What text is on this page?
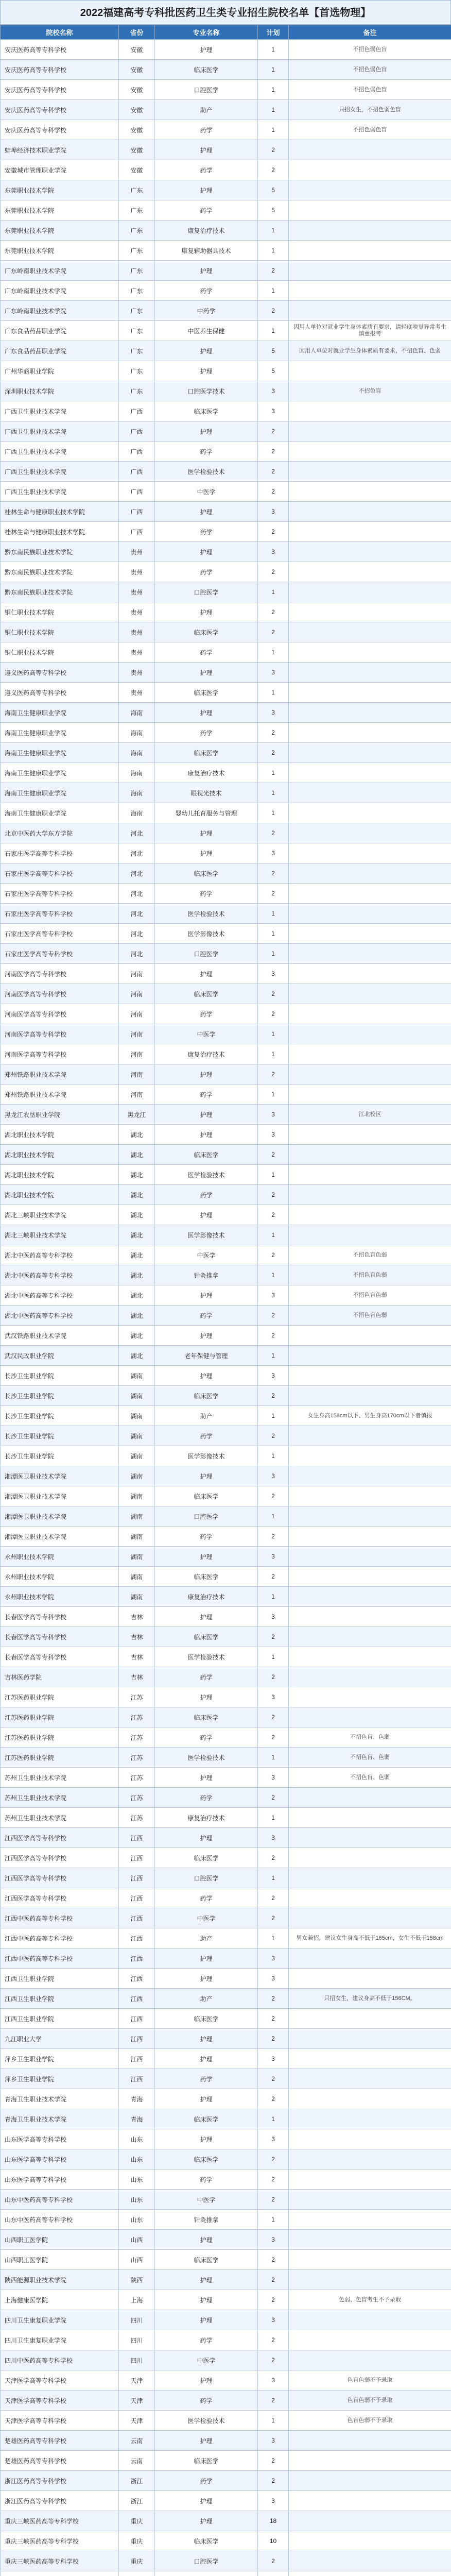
2022福建高考专科批医药卫生类专业招生院校名单【首选物理】
院校名称	省份	专业名称	计划	备注
安庆医药高等专科学校	安徽	护理	1	不招色弱色盲
安庆医药高等专科学校	安徽	临床医学	1	不招色弱色盲
安庆医药高等专科学校	安徽	口腔医学	1	不招色弱色盲
安庆医药高等专科学校	安徽	助产	1	只招女生，不招色弱色盲
安庆医药高等专科学校	安徽	药学	1	不招色弱色盲
蚌埠经济技术职业学院	安徽	护理	2	
安徽城市管理职业学院	安徽	药学	2	
东莞职业技术学院	广东	护理	5	
东莞职业技术学院	广东	药学	5	
东莞职业技术学院	广东	康复治疗技术	1	
东莞职业技术学院	广东	康复辅助器具技术	1	
广东岭南职业技术学院	广东	护理	2	
广东岭南职业技术学院	广东	药学	1	
广东岭南职业技术学院	广东	中药学	2	
广东食品药品职业学院	广东	中医养生保健	1	因用人单位对就业学生身体素质有要求，请轻度嗅觉异常考生慎重报考
广东食品药品职业学院	广东	护理	5	因用人单位对就业学生身体素质有要求，不招色盲、色弱
广州华商职业学院	广东	护理	5	
深圳职业技术学院	广东	口腔医学技术	3	不招色盲
广西卫生职业技术学院	广西	临床医学	3	
广西卫生职业技术学院	广西	护理	2	
广西卫生职业技术学院	广西	药学	2	
广西卫生职业技术学院	广西	医学检验技术	2	
广西卫生职业技术学院	广西	中医学	2	
桂林生命与健康职业技术学院	广西	护理	3	
桂林生命与健康职业技术学院	广西	药学	2	
黔东南民族职业技术学院	贵州	护理	3	
黔东南民族职业技术学院	贵州	药学	2	
黔东南民族职业技术学院	贵州	口腔医学	1	
铜仁职业技术学院	贵州	护理	2	
铜仁职业技术学院	贵州	临床医学	2	
铜仁职业技术学院	贵州	药学	1	
遵义医药高等专科学校	贵州	护理	3	
遵义医药高等专科学校	贵州	临床医学	1	
海南卫生健康职业学院	海南	护理	3	
海南卫生健康职业学院	海南	药学	2	
海南卫生健康职业学院	海南	临床医学	2	
海南卫生健康职业学院	海南	康复治疗技术	1	
海南卫生健康职业学院	海南	眼视光技术	1	
海南卫生健康职业学院	海南	婴幼儿托育服务与管理	1	
北京中医药大学东方学院	河北	护理	2	
石家庄医学高等专科学校	河北	护理	3	
石家庄医学高等专科学校	河北	临床医学	2	
石家庄医学高等专科学校	河北	药学	2	
石家庄医学高等专科学校	河北	医学检验技术	1	
石家庄医学高等专科学校	河北	医学影像技术	1	
石家庄医学高等专科学校	河北	口腔医学	1	
河南医学高等专科学校	河南	护理	3	
河南医学高等专科学校	河南	临床医学	2	
河南医学高等专科学校	河南	药学	2	
河南医学高等专科学校	河南	中医学	1	
河南医学高等专科学校	河南	康复治疗技术	1	
郑州铁路职业技术学院	河南	护理	2	
郑州铁路职业技术学院	河南	药学	1	
黑龙江农垦职业学院	黑龙江	护理	3	江北校区
湖北职业技术学院	湖北	护理	3	
湖北职业技术学院	湖北	临床医学	2	
湖北职业技术学院	湖北	医学检验技术	1	
湖北职业技术学院	湖北	药学	2	
湖北三峡职业技术学院	湖北	护理	2	
湖北三峡职业技术学院	湖北	医学影像技术	1	
湖北中医药高等专科学校	湖北	中医学	2	不招色盲色弱
湖北中医药高等专科学校	湖北	针灸推拿	1	不招色盲色弱
湖北中医药高等专科学校	湖北	护理	3	不招色盲色弱
湖北中医药高等专科学校	湖北	药学	2	不招色盲色弱
武汉铁路职业技术学院	湖北	护理	2	
武汉民政职业学院	湖北	老年保健与管理	1	
长沙卫生职业学院	湖南	护理	3	
长沙卫生职业学院	湖南	临床医学	2	
长沙卫生职业学院	湖南	助产	1	女生身高158cm以下、男生身高170cm以下者慎报
长沙卫生职业学院	湖南	药学	2	
长沙卫生职业学院	湖南	医学影像技术	1	
湘潭医卫职业技术学院	湖南	护理	3	
湘潭医卫职业技术学院	湖南	临床医学	2	
湘潭医卫职业技术学院	湖南	口腔医学	1	
湘潭医卫职业技术学院	湖南	药学	2	
永州职业技术学院	湖南	护理	3	
永州职业技术学院	湖南	临床医学	2	
永州职业技术学院	湖南	康复治疗技术	1	
长春医学高等专科学校	吉林	护理	3	
长春医学高等专科学校	吉林	临床医学	2	
长春医学高等专科学校	吉林	医学检验技术	1	
吉林医药学院	吉林	药学	2	
江苏医药职业学院	江苏	护理	3	
江苏医药职业学院	江苏	临床医学	2	
江苏医药职业学院	江苏	药学	2	不招色盲、色弱
江苏医药职业学院	江苏	医学检验技术	1	不招色盲、色弱
苏州卫生职业技术学院	江苏	护理	3	不招色盲、色弱
苏州卫生职业技术学院	江苏	药学	2	
苏州卫生职业技术学院	江苏	康复治疗技术	1	
江西医学高等专科学校	江西	护理	3	
江西医学高等专科学校	江西	临床医学	2	
江西医学高等专科学校	江西	口腔医学	1	
江西医学高等专科学校	江西	药学	2	
江西中医药高等专科学校	江西	中医学	2	
江西中医药高等专科学校	江西	助产	1	男女兼招，建议女生身高不低于165cm，女生不低于158cm
江西中医药高等专科学校	江西	护理	3	
江西卫生职业学院	江西	护理	3	
江西卫生职业学院	江西	助产	2	只招女生，建议身高不低于156CM。
江西卫生职业学院	江西	临床医学	2	
九江职业大学	江西	护理	2	
萍乡卫生职业学院	江西	护理	3	
萍乡卫生职业学院	江西	药学	2	
青海卫生职业技术学院	青海	护理	2	
青海卫生职业技术学院	青海	临床医学	1	
山东医学高等专科学校	山东	护理	3	
山东医学高等专科学校	山东	临床医学	2	
山东医学高等专科学校	山东	药学	2	
山东中医药高等专科学校	山东	中医学	2	
山东中医药高等专科学校	山东	针灸推拿	1	
山西职工医学院	山西	护理	3	
山西职工医学院	山西	临床医学	2	
陕西能源职业技术学院	陕西	护理	2	
上海健康医学院	上海	护理	2	色弱、色盲考生不予录取
四川卫生康复职业学院	四川	护理	3	
四川卫生康复职业学院	四川	药学	2	
四川中医药高等专科学校	四川	中医学	2	
天津医学高等专科学校	天津	护理	3	色盲色弱不予录取
天津医学高等专科学校	天津	药学	2	色盲色弱不予录取
天津医学高等专科学校	天津	医学检验技术	1	色盲色弱不予录取
楚雄医药高等专科学校	云南	护理	3	
楚雄医药高等专科学校	云南	临床医学	2	
浙江医药高等专科学校	浙江	药学	2	
浙江医药高等专科学校	浙江	护理	3	
重庆三峡医药高等专科学校	重庆	护理	18	
重庆三峡医药高等专科学校	重庆	临床医学	10	
重庆三峡医药高等专科学校	重庆	口腔医学	2	
